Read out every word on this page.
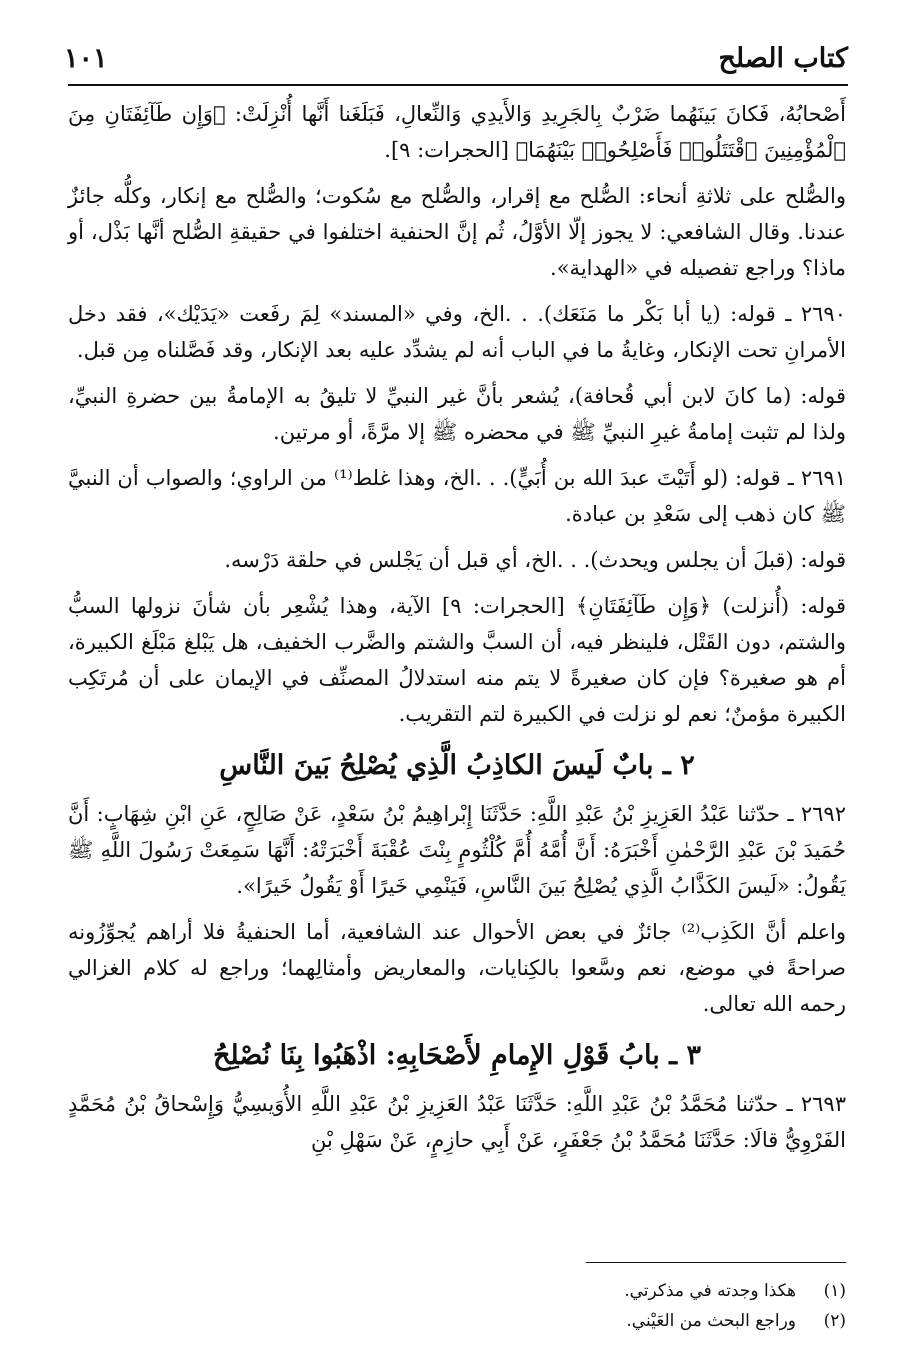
كتاب الصلح
١٠١

أَصْحابُهُ، فَكانَ بَينَهُما ضَرْبٌ بِالجَرِيدِ وَالأَيدِي وَالنِّعالِ، فَبَلَغَنا أَنَّها أُنْزِلَتْ: ﴿وَإِن طَآئِفَتَانِ مِنَ ٱلْمُؤْمِنِينَ ٱقْتَتَلُوا۟ فَأَصْلِحُوا۟ بَيْنَهُمَا﴾ [الحجرات: ٩].

والصُّلح على ثلاثةِ أنحاء: الصُّلح مع إقرار، والصُّلح مع سُكوت؛ والصُّلح مع إنكار، وكلُّه جائزٌ عندنا. وقال الشافعي: لا يجوز إلّا الأوَّلُ، ثُم إنَّ الحنفية اختلفوا في حقيقةِ الصُّلح أنَّها بَذْل، أو ماذا؟ وراجع تفصيله في «الهداية».

٢٦٩٠ ـ قوله: (يا أبا بَكْر ما مَنَعَك). . .الخ، وفي «المسند» لِمَ رفَعت «يَدَيْك»، فقد دخل الأمرانِ تحت الإنكار، وغايةُ ما في الباب أنه لم يشدِّد عليه بعد الإنكار، وقد فَصَّلناه مِن قبل.

قوله: (ما كانَ لابن أبي قُحافة)، يُشعر بأنَّ غير النبيِّ لا تليقُ به الإمامةُ بين حضرةِ النبيِّ، ولذا لم تثبت إمامةُ غيرِ النبيِّ ﷺ في محضره ﷺ إلا مرَّةً، أو مرتين.

٢٦٩١ ـ قوله: (لو أَتَيْتَ عبدَ الله بن أُبَيٍّ). . .الخ، وهذا غلط⁽¹⁾ من الراوي؛ والصواب أن النبيَّ ﷺ كان ذهب إلى سَعْدِ بن عبادة.

قوله: (قبلَ أن يجلس ويحدث). . .الخ، أي قبل أن يَجْلس في حلقة دَرْسه.

قوله: (أُنزلت) ﴿وَإِن طَآئِفَتَانِ﴾ [الحجرات: ٩] الآية، وهذا يُشْعِر بأن شأنَ نزولها السبُّ والشتم، دون القَتْل، فلينظر فيه، أن السبَّ والشتم والضَّرب الخفيف، هل يَبْلغ مَبْلَغ الكبيرة، أم هو صغيرة؟ فإن كان صغيرةً لا يتم منه استدلالُ المصنِّف في الإيمان على أن مُرتَكِب الكبيرة مؤمنٌ؛ نعم لو نزلت في الكبيرة لتم التقريب.

٢ ـ بابٌ لَيسَ الكاذِبُ الَّذِي يُصْلِحُ بَينَ النَّاسِ

٢٦٩٢ ـ حدّثنا عَبْدُ العَزِيزِ بْنُ عَبْدِ اللَّهِ: حَدَّثَنَا إِبْراهِيمُ بْنُ سَعْدٍ، عَنْ صَالِحٍ، عَنِ ابْنِ شِهَابٍ: أَنَّ حُمَيدَ بْنَ عَبْدِ الرَّحْمٰنِ أَخْبَرَهُ: أَنَّ أُمَّهُ أُمَّ كُلْثُومٍ بِنْتَ عُقْبَةَ أَخْبَرَتْهُ: أَنَّهَا سَمِعَتْ رَسُولَ اللَّهِ ﷺ يَقُولُ: «لَيسَ الكَذَّابُ الَّذِي يُصْلِحُ بَينَ النَّاسِ، فَيَنْمِي خَيرًا أَوْ يَقُولُ خَيرًا».

واعلم أنَّ الكَذِب⁽²⁾ جائزٌ في بعض الأحوال عند الشافعية، أما الحنفيةُ فلا أراهم يُجوِّزُونه صراحةً في موضع، نعم وسَّعوا بالكِنايات، والمعاريض وأمثالِهما؛ وراجع له كلام الغزالي رحمه الله تعالى.

٣ ـ بابُ قَوْلِ الإِمامِ لأَصْحَابِهِ: اذْهَبُوا بِنَا نُصْلِحُ

٢٦٩٣ ـ حدّثنا مُحَمَّدُ بْنُ عَبْدِ اللَّهِ: حَدَّثَنَا عَبْدُ العَزِيزِ بْنُ عَبْدِ اللَّهِ الأُوَيسِيُّ وَإِسْحاقُ بْنُ مُحَمَّدٍ الفَرْوِيُّ قالَا: حَدَّثَنَا مُحَمَّدُ بْنُ جَعْفَرٍ، عَنْ أَبِي حازِمٍ، عَنْ سَهْلِ بْنِ

(١)
هكذا وجدته في مذكرتي.
(٢)
وراجع البحث من العَيْني.
